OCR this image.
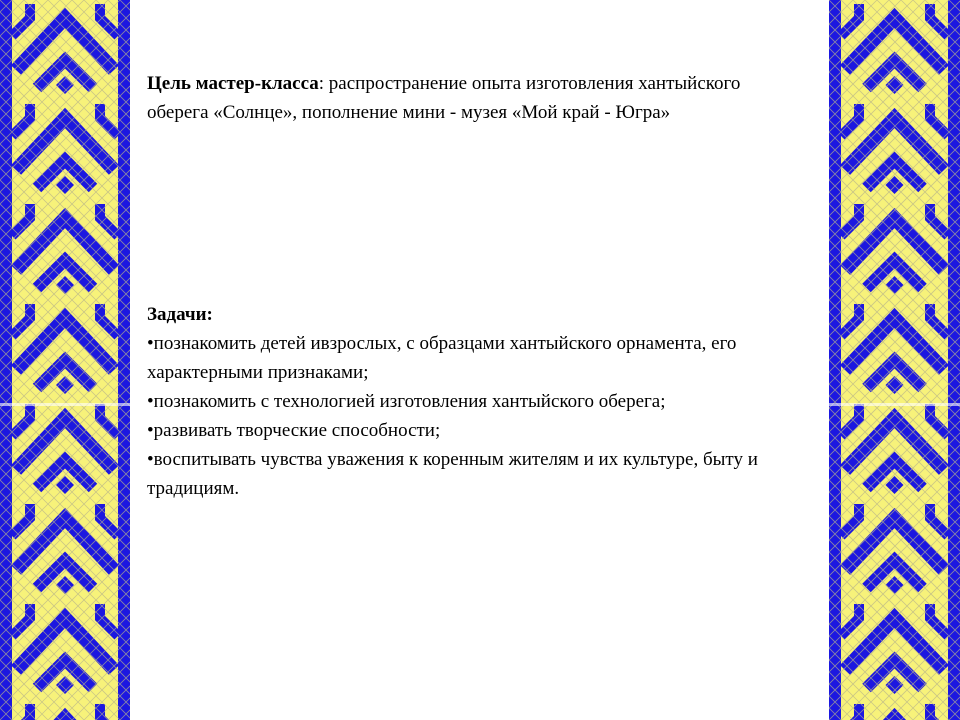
Цель мастер-класса: распространение опыта изготовления хантыйского оберега «Солнце», пополнение мини - музея «Мой край - Югра»
Задачи:
•познакомить детей ивзрослых, с образцами хантыйского орнамента, его характерными признаками;
•познакомить с технологией изготовления хантыйского оберега;
•развивать творческие способности;
•воспитывать чувства уважения к коренным жителям и их культуре, быту и традициям.
